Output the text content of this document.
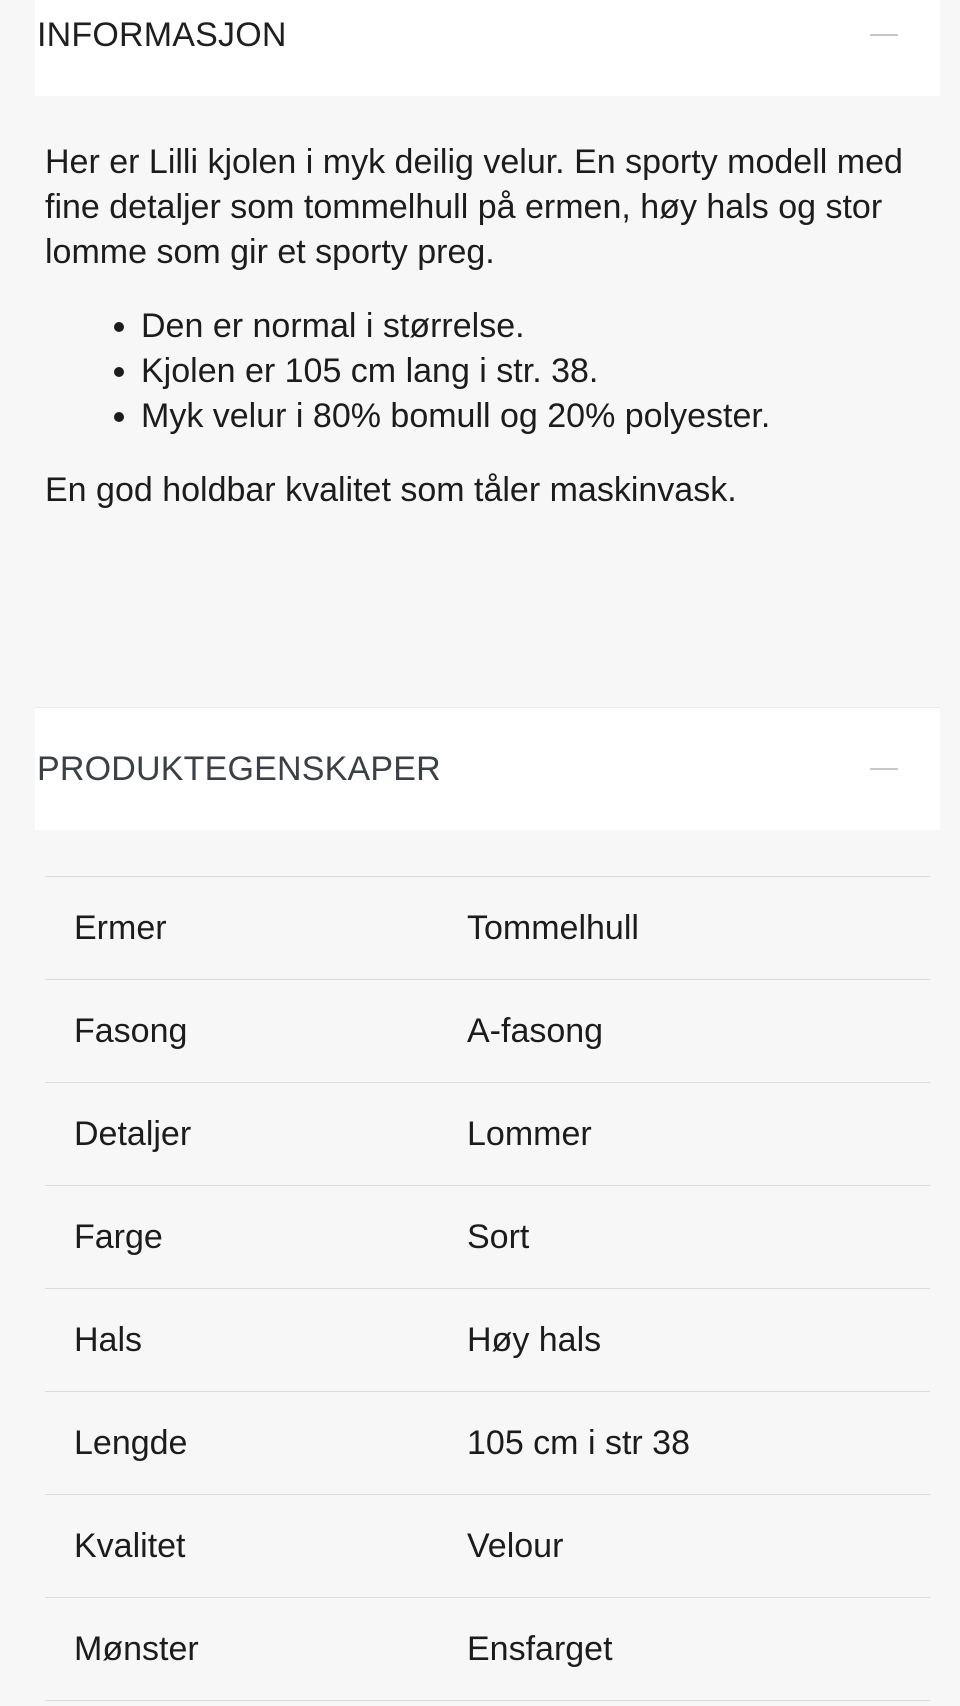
INFORMASJON

Her er Lilli kjolen i myk deilig velur. En sporty modell med fine detaljer som tommelhull på ermen, høy hals og stor lomme som gir et sporty preg.

• Den er normal i størrelse.
• Kjolen er 105 cm lang i str. 38.
• Myk velur i 80% bomull og 20% polyester.

En god holdbar kvalitet som tåler maskinvask.

PRODUKTEGENSKAPER
Ermer	Tommelhull
Fasong	A-fasong
Detaljer	Lommer
Farge	Sort
Hals	Høy hals
Lengde	105 cm i str 38
Kvalitet	Velour
Mønster	Ensfarget
